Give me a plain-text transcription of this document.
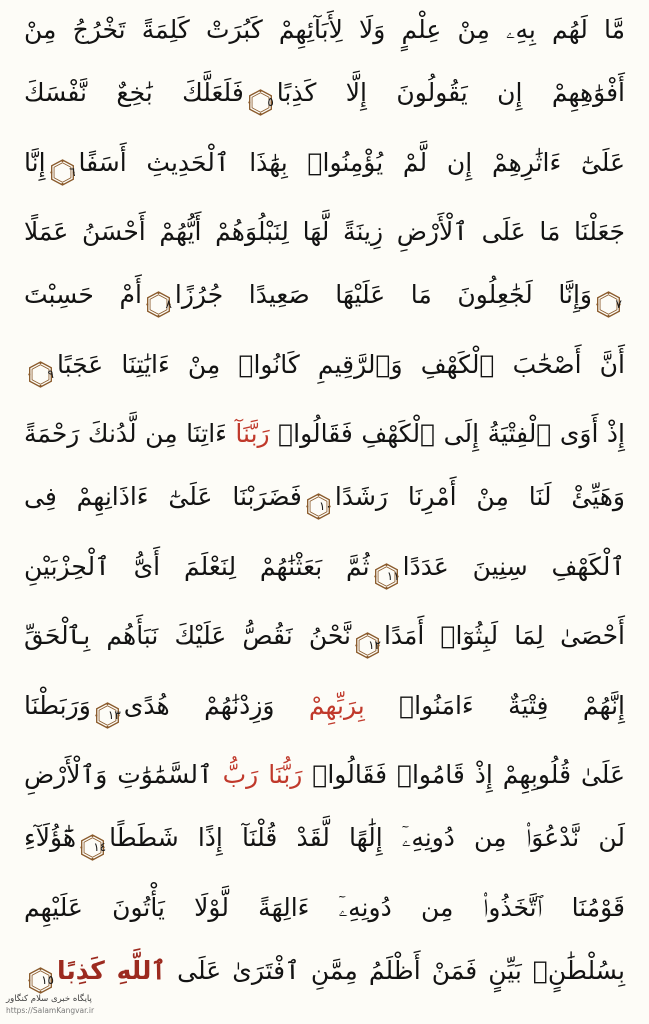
مَّا لَهُم بِهِۦ مِنْ عِلْمٍ وَلَا لِأَبَآئِهِمْ كَبُرَتْ كَلِمَةً تَخْرُجُ مِنْ
أَفْوَٰهِهِمْ إِن يَقُولُونَ إِلَّا كَذِبًا
٥فَلَعَلَّكَ بَٰخِعٌ نَّفْسَكَ
عَلَىٰٓ ءَاثَٰرِهِمْ إِن لَّمْ يُؤْمِنُوا۟ بِهَٰذَا ٱلْحَدِيثِ أَسَفًا
٦إِنَّا
جَعَلْنَا مَا عَلَى ٱلْأَرْضِ زِينَةً لَّهَا لِنَبْلُوَهُمْ أَيُّهُمْ أَحْسَنُ عَمَلًا
٧وَإِنَّا لَجَٰعِلُونَ مَا عَلَيْهَا صَعِيدًا جُرُزًا
٨أَمْ حَسِبْتَ
أَنَّ أَصْحَٰبَ ٱلْكَهْفِ وَٱلرَّقِيمِ كَانُوا۟ مِنْ ءَايَٰتِنَا عَجَبًا
٩
إِذْ أَوَى ٱلْفِتْيَةُ إِلَى ٱلْكَهْفِ فَقَالُوا۟ رَبَّنَآ ءَاتِنَا مِن لَّدُنكَ رَحْمَةً
وَهَيِّئْ لَنَا مِنْ أَمْرِنَا رَشَدًا
١٠فَضَرَبْنَا عَلَىٰٓ ءَاذَانِهِمْ فِى
ٱلْكَهْفِ سِنِينَ عَدَدًا
١١ثُمَّ بَعَثْنَٰهُمْ لِنَعْلَمَ أَىُّ ٱلْحِزْبَيْنِ
أَحْصَىٰ لِمَا لَبِثُوٓا۟ أَمَدًا
١٢نَّحْنُ نَقُصُّ عَلَيْكَ نَبَأَهُم بِٱلْحَقِّ
إِنَّهُمْ فِتْيَةٌ ءَامَنُوا۟ بِرَبِّهِمْ وَزِدْنَٰهُمْ هُدًى
١٣وَرَبَطْنَا
عَلَىٰ قُلُوبِهِمْ إِذْ قَامُوا۟ فَقَالُوا۟ رَبُّنَا رَبُّ ٱلسَّمَٰوَٰتِ وَٱلْأَرْضِ
لَن نَّدْعُوَا۟ مِن دُونِهِۦٓ إِلَٰهًا لَّقَدْ قُلْنَآ إِذًا شَطَطًا
١٤هَٰٓؤُلَآءِ
قَوْمُنَا ٱتَّخَذُوا۟ مِن دُونِهِۦٓ ءَالِهَةً لَّوْلَا يَأْتُونَ عَلَيْهِم
بِسُلْطَٰنٍۭ بَيِّنٍ فَمَنْ أَظْلَمُ مِمَّنِ ٱفْتَرَىٰ عَلَى ٱللَّهِ كَذِبًا
١٥
پایگاه خبری سلام کنگاور
https://SalamKangvar.ir
